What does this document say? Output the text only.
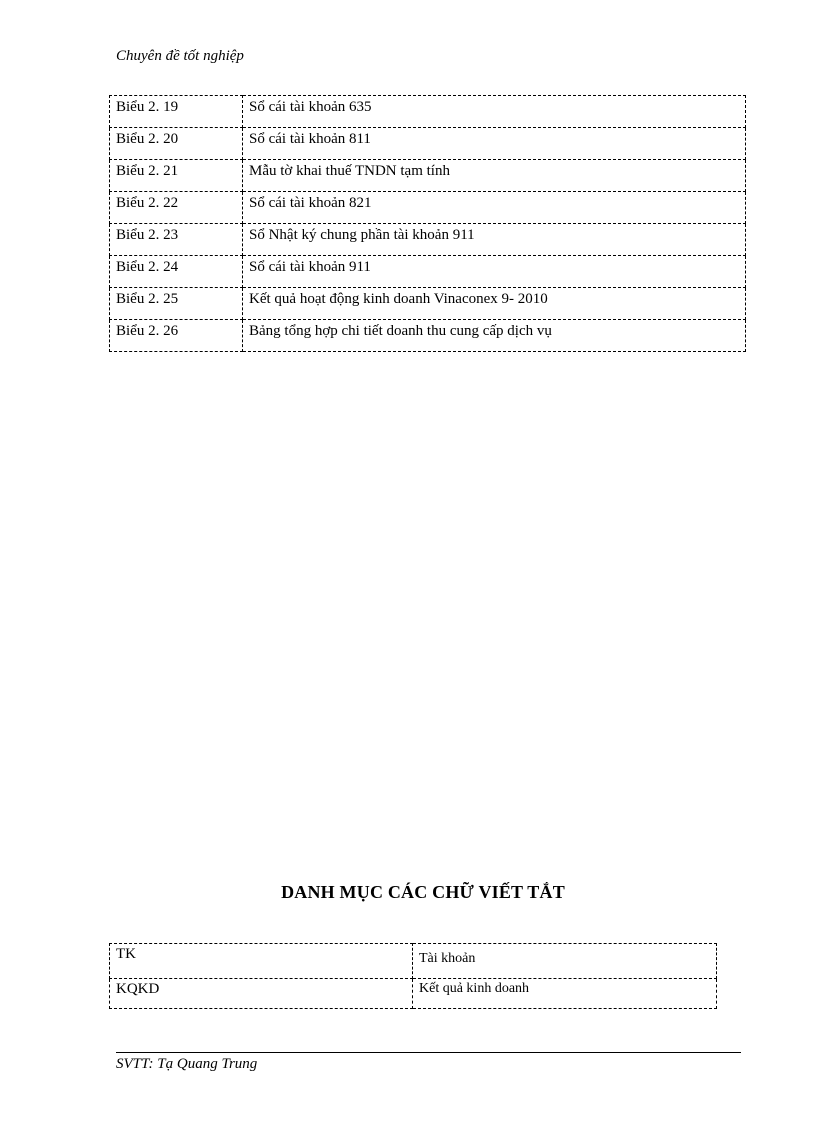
Chuyên đề tốt nghiệp
Biểu 2. 19	Sổ cái tài khoản 635
Biểu 2. 20	Sổ cái tài khoản 811
Biểu 2. 21	Mẫu tờ khai thuế TNDN tạm tính
Biểu 2. 22	Sổ cái tài khoản 821
Biểu 2. 23	Sổ Nhật ký chung phần tài khoản 911
Biểu 2. 24	Sổ cái tài khoản 911
Biểu 2. 25	Kết quả hoạt động kinh doanh Vinaconex 9- 2010
Biểu 2. 26	Bảng tổng hợp chi tiết doanh thu cung cấp dịch vụ
DANH MỤC CÁC CHỮ VIẾT TẮT
TK	Tài khoản
KQKD	Kết quả kinh doanh
SVTT: Tạ Quang Trung
